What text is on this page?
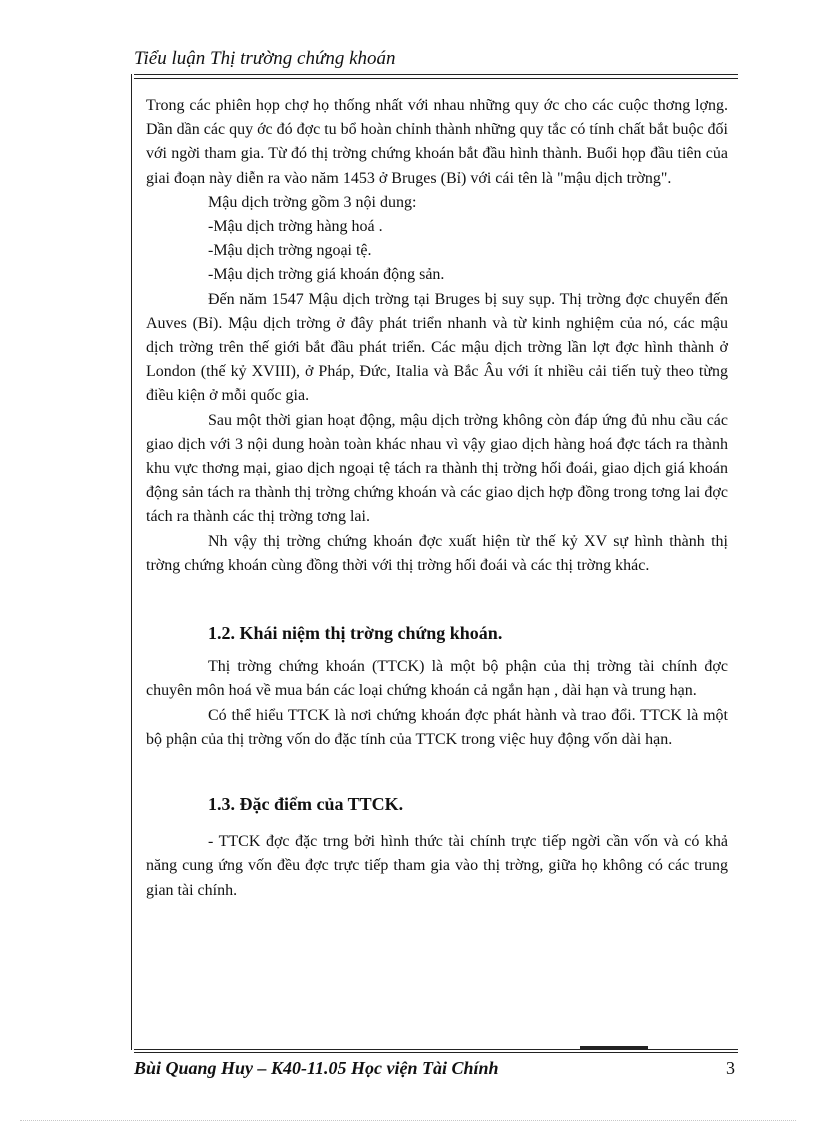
Tiểu luận Thị trường chứng khoán

Trong các phiên họp chợ họ thống nhất với nhau những quy ớc cho các cuộc thơng lợng. Dần dần các quy ớc đó đợc tu bổ hoàn chỉnh thành những quy tắc có tính chất bắt buộc đối với ngời tham gia. Từ đó thị trờng chứng khoán bắt đầu hình thành. Buổi họp đầu tiên của giai đoạn này diễn ra vào năm 1453 ở Bruges (Bỉ) với cái tên là "mậu dịch trờng".

Mậu dịch trờng gồm 3 nội dung:

-Mậu dịch trờng hàng hoá .

-Mậu dịch trờng ngoại tệ.

-Mậu dịch trờng giá khoán động sản.

Đến năm 1547 Mậu dịch trờng tại Bruges bị suy sụp. Thị trờng đợc chuyển đến Auves (Bỉ). Mậu dịch trờng ở đây phát triển nhanh và từ kinh nghiệm của nó, các mậu dịch trờng trên thế giới bắt đầu phát triển. Các mậu dịch trờng lần lợt đợc hình thành ở London (thế kỷ XVIII), ở Pháp, Đức, Italia và Bắc Âu với ít nhiều cải tiến tuỳ theo từng điều kiện ở mỗi quốc gia.

Sau một thời gian hoạt động, mậu dịch trờng không còn đáp ứng đủ nhu cầu các giao dịch với 3 nội dung hoàn toàn khác nhau vì vậy giao dịch hàng hoá đợc tách ra thành khu vực thơng mại, giao dịch ngoại tệ tách ra thành thị trờng hối đoái, giao dịch giá khoán động sản tách ra thành thị trờng chứng khoán và các giao dịch hợp đồng trong tơng lai đợc tách ra thành các thị trờng tơng lai.

Nh vậy thị trờng chứng khoán đợc xuất hiện từ thế kỷ XV sự hình thành thị trờng chứng khoán cùng đồng thời với thị trờng hối đoái và các thị trờng khác.

1.2. Khái niệm thị trờng chứng khoán.

Thị trờng chứng khoán (TTCK) là một bộ phận của thị trờng tài chính đợc chuyên môn hoá về mua bán các loại chứng khoán cả ngắn hạn , dài hạn và trung hạn.

Có thể hiểu TTCK là nơi chứng khoán đợc phát hành và trao đổi. TTCK là một bộ phận của thị trờng vốn do đặc tính của TTCK trong việc huy động vốn dài hạn.

1.3. Đặc điểm của TTCK.

- TTCK đợc đặc trng bởi hình thức tài chính trực tiếp ngời cần vốn và có khả năng cung ứng vốn đều đợc trực tiếp tham gia vào thị trờng, giữa họ không có các trung gian tài chính.

Bùi Quang Huy – K40-11.05 Học viện Tài Chính	3
